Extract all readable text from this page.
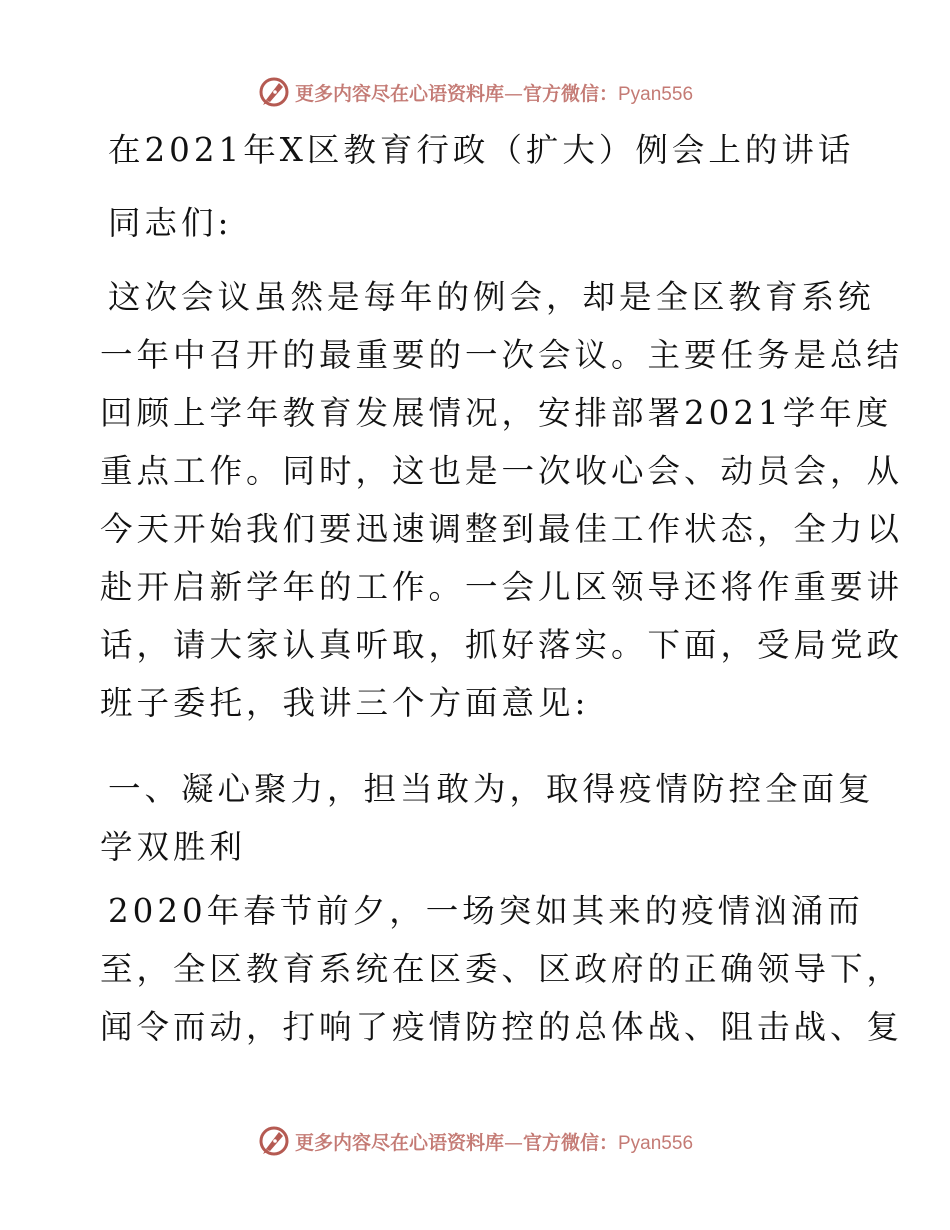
更多内容尽在心语资料库—官方微信：Pyan556
在2021年X区教育行政（扩大）例会上的讲话
同志们:
这次会议虽然是每年的例会，却是全区教育系统
一年中召开的最重要的一次会议。主要任务是总结
回顾上学年教育发展情况，安排部署2021学年度
重点工作。同时，这也是一次收心会、动员会，从
今天开始我们要迅速调整到最佳工作状态，全力以
赴开启新学年的工作。一会儿区领导还将作重要讲
话，请大家认真听取，抓好落实。下面，受局党政
班子委托，我讲三个方面意见:
一、凝心聚力，担当敢为，取得疫情防控全面复
学双胜利
2020年春节前夕，一场突如其来的疫情汹涌而
至，全区教育系统在区委、区政府的正确领导下，
闻令而动，打响了疫情防控的总体战、阻击战、复
更多内容尽在心语资料库—官方微信：Pyan556
